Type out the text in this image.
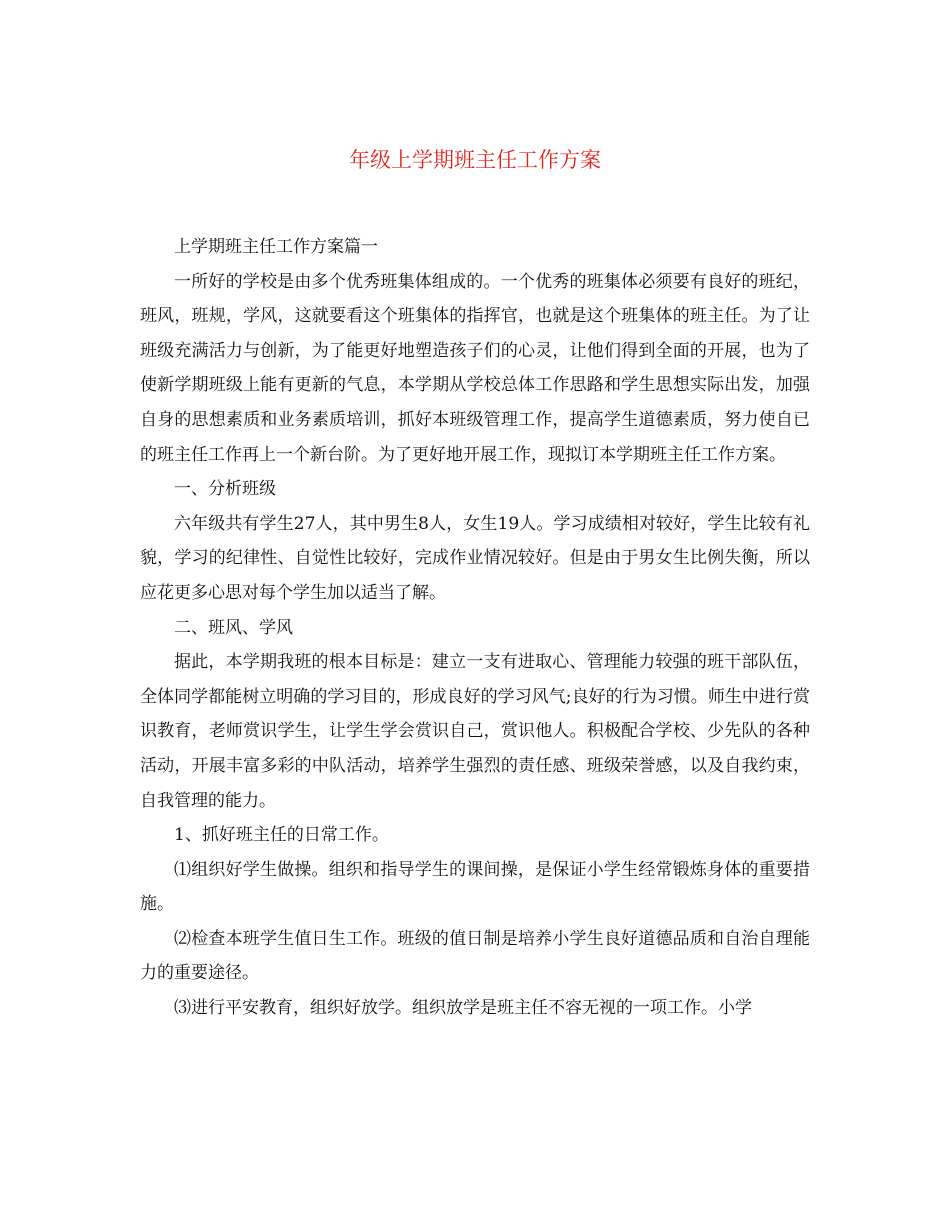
年级上学期班主任工作方案

上学期班主任工作方案篇一

一所好的学校是由多个优秀班集体组成的。一个优秀的班集体必须要有良好的班纪，班风，班规，学风，这就要看这个班集体的指挥官，也就是这个班集体的班主任。为了让班级充满活力与创新，为了能更好地塑造孩子们的心灵，让他们得到全面的开展，也为了使新学期班级上能有更新的气息，本学期从学校总体工作思路和学生思想实际出发，加强自身的思想素质和业务素质培训，抓好本班级管理工作，提高学生道德素质，努力使自已的班主任工作再上一个新台阶。为了更好地开展工作，现拟订本学期班主任工作方案。

一、分析班级

六年级共有学生27人，其中男生8人，女生19人。学习成绩相对较好，学生比较有礼貌，学习的纪律性、自觉性比较好，完成作业情况较好。但是由于男女生比例失衡，所以应花更多心思对每个学生加以适当了解。

二、班风、学风

据此，本学期我班的根本目标是：建立一支有进取心、管理能力较强的班干部队伍，全体同学都能树立明确的学习目的，形成良好的学习风气;良好的行为习惯。师生中进行赏识教育，老师赏识学生，让学生学会赏识自己，赏识他人。积极配合学校、少先队的各种活动，开展丰富多彩的中队活动，培养学生强烈的责任感、班级荣誉感，以及自我约束，自我管理的能力。

1、抓好班主任的日常工作。

⑴组织好学生做操。组织和指导学生的课间操，是保证小学生经常锻炼身体的重要措施。

⑵检查本班学生值日生工作。班级的值日制是培养小学生良好道德品质和自治自理能力的重要途径。

⑶进行平安教育，组织好放学。组织放学是班主任不容无视的一项工作。小学
